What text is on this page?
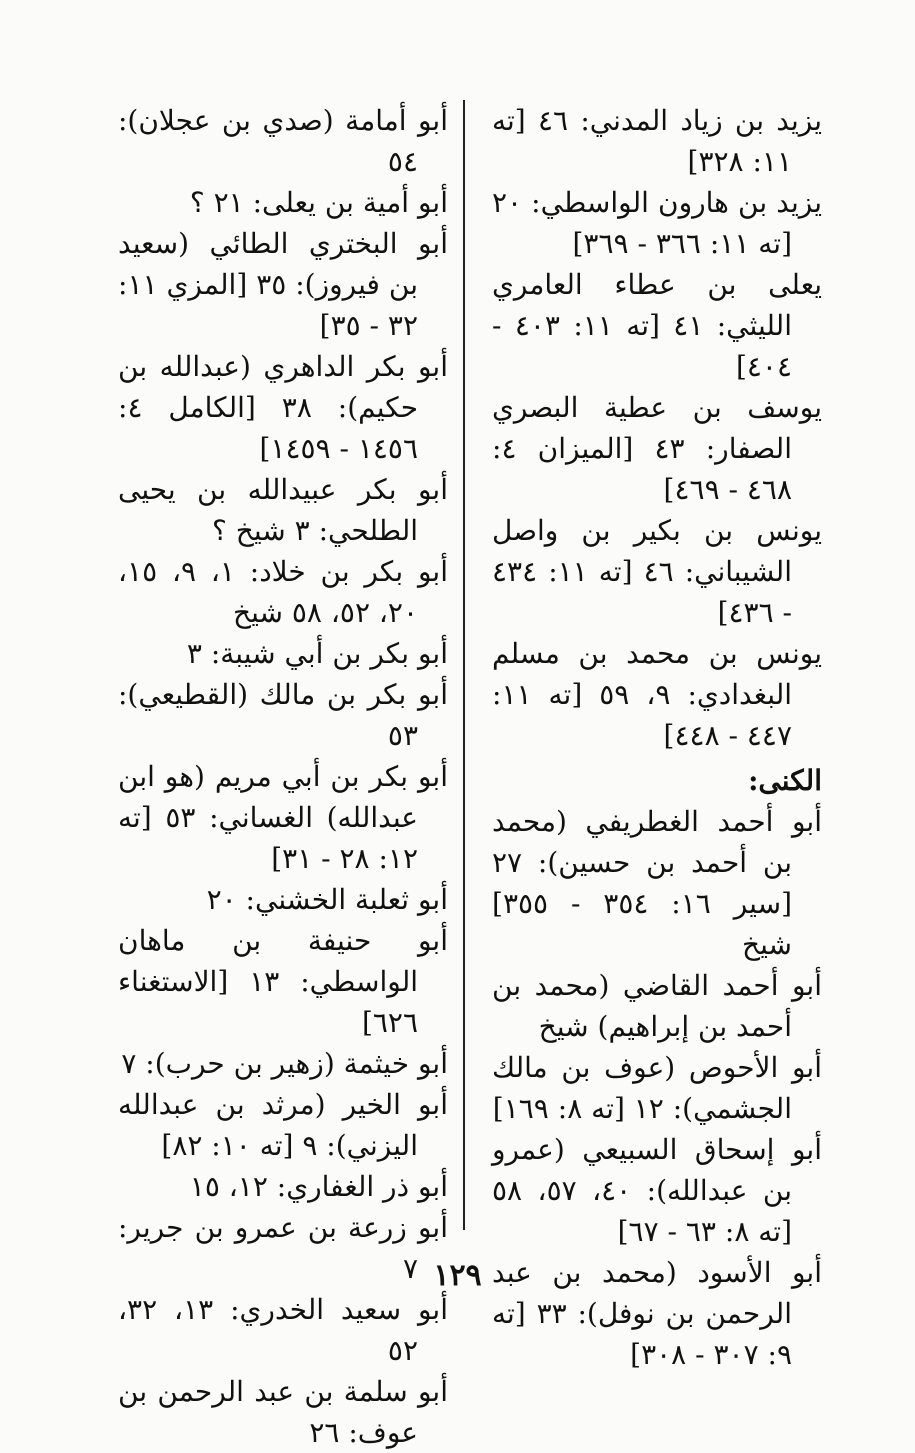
يزيد بن زياد المدني: ٤٦ [ته ١١: ٣٢٨]
يزيد بن هارون الواسطي: ٢٠ [ته ١١: ٣٦٦ - ٣٦٩]
يعلى بن عطاء العامري الليثي: ٤١ [ته ١١: ٤٠٣ - ٤٠٤]
يوسف بن عطية البصري الصفار: ٤٣ [الميزان ٤: ٤٦٨ - ٤٦٩]
يونس بن بكير بن واصل الشيباني: ٤٦ [ته ١١: ٤٣٤ - ٤٣٦]
يونس بن محمد بن مسلم البغدادي: ٩، ٥٩ [ته ١١: ٤٤٧ - ٤٤٨]
الكنى:
أبو أحمد الغطريفي (محمد بن أحمد بن حسين): ٢٧ [سير ١٦: ٣٥٤ - ٣٥٥] شيخ
أبو أحمد القاضي (محمد بن أحمد بن إبراهيم) شيخ
أبو الأحوص (عوف بن مالك الجشمي): ١٢ [ته ٨: ١٦٩]
أبو إسحاق السبيعي (عمرو بن عبدالله): ٤٠، ٥٧، ٥٨ [ته ٨: ٦٣ - ٦٧]
أبو الأسود (محمد بن عبد الرحمن بن نوفل): ٣٣ [ته ٩: ٣٠٧ - ٣٠٨]
أبو أمامة (صدي بن عجلان): ٥٤
أبو أمية بن يعلى: ٢١ ؟
أبو البختري الطائي (سعيد بن فيروز): ٣٥ [المزي ١١: ٣٢ - ٣٥]
أبو بكر الداهري (عبدالله بن حكيم): ٣٨ [الكامل ٤: ١٤٥٦ - ١٤٥٩]
أبو بكر عبيدالله بن يحيى الطلحي: ٣ شيخ ؟
أبو بكر بن خلاد: ١، ٩، ١٥، ٢٠، ٥٢، ٥٨ شيخ
أبو بكر بن أبي شيبة: ٣
أبو بكر بن مالك (القطيعي): ٥٣
أبو بكر بن أبي مريم (هو ابن عبدالله) الغساني: ٥٣ [ته ١٢: ٢٨ - ٣١]
أبو ثعلبة الخشني: ٢٠
أبو حنيفة بن ماهان الواسطي: ١٣ [الاستغناء ٦٢٦]
أبو خيثمة (زهير بن حرب): ٧
أبو الخير (مرثد بن عبدالله اليزني): ٩ [ته ١٠: ٨٢]
أبو ذر الغفاري: ١٢، ١٥
أبو زرعة بن عمرو بن جرير: ٧
أبو سعيد الخدري: ١٣، ٣٢، ٥٢
أبو سلمة بن عبد الرحمن بن عوف: ٢٦
١٢٩
